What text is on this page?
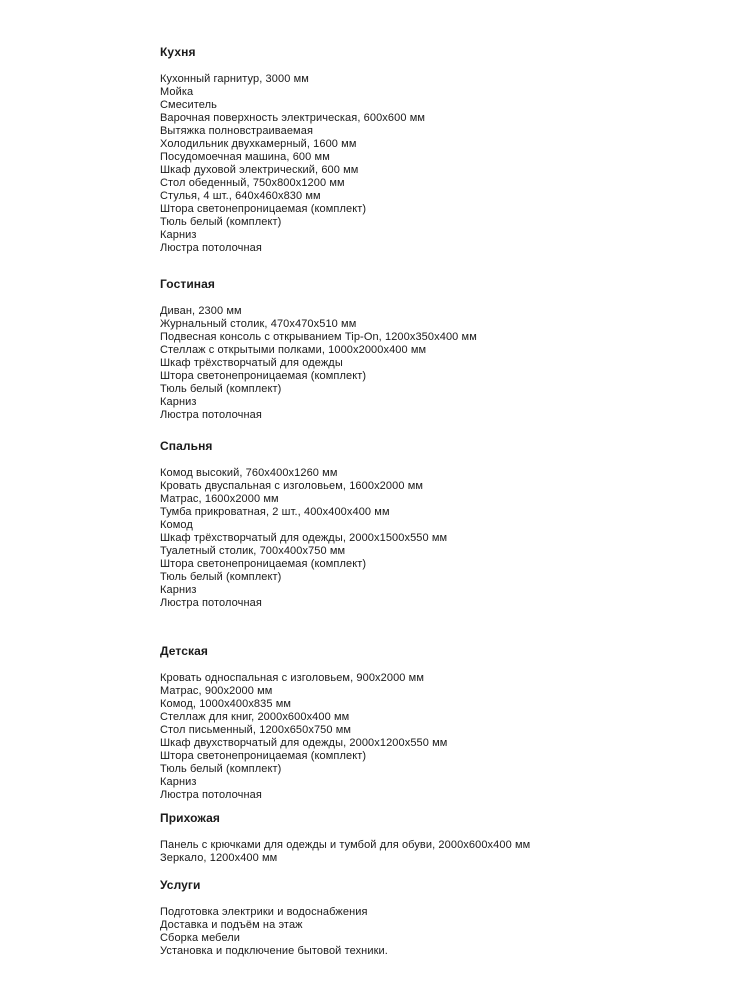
Кухня
Кухонный гарнитур, 3000 мм
Мойка
Смеситель
Варочная поверхность электрическая, 600х600 мм
Вытяжка полновстраиваемая
Холодильник двухкамерный, 1600 мм
Посудомоечная машина, 600 мм
Шкаф духовой электрический, 600 мм
Стол обеденный, 750х800х1200 мм
Стулья, 4 шт., 640х460х830 мм
Штора светонепроницаемая (комплект)
Тюль белый (комплект)
Карниз
Люстра потолочная
Гостиная
Диван, 2300 мм
Журнальный столик, 470х470х510 мм
Подвесная консоль с открыванием Tip-On, 1200х350х400 мм
Стеллаж с открытыми полками, 1000х2000х400 мм
Шкаф трёхстворчатый для одежды
Штора светонепроницаемая (комплект)
Тюль белый (комплект)
Карниз
Люстра потолочная
Спальня
Комод высокий, 760х400х1260 мм
Кровать двуспальная с изголовьем, 1600х2000 мм
Матрас, 1600х2000 мм
Тумба прикроватная, 2 шт., 400х400х400 мм
Комод
Шкаф трёхстворчатый для одежды, 2000х1500х550 мм
Туалетный столик, 700х400х750 мм
Штора светонепроницаемая (комплект)
Тюль белый (комплект)
Карниз
Люстра потолочная
Детская
Кровать односпальная с изголовьем, 900х2000 мм
Матрас, 900х2000 мм
Комод, 1000х400х835 мм
Стеллаж для книг, 2000х600х400 мм
Стол письменный, 1200х650х750 мм
Шкаф двухстворчатый для одежды, 2000х1200х550 мм
Штора светонепроницаемая (комплект)
Тюль белый (комплект)
Карниз
Люстра потолочная
Прихожая
Панель с крючками для одежды и тумбой для обуви, 2000х600х400 мм
Зеркало, 1200х400 мм
Услуги
Подготовка электрики и водоснабжения
Доставка и подъём на этаж
Сборка мебели
Установка и подключение бытовой техники.
